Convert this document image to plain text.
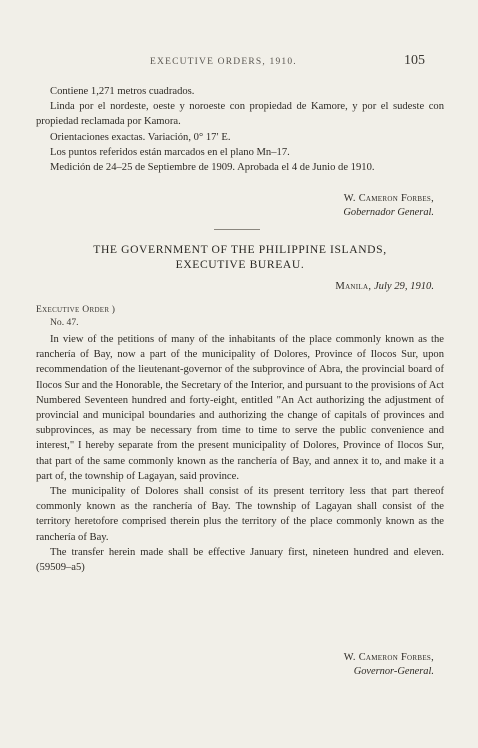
EXECUTIVE ORDERS, 1910.	105

Contiene 1,271 metros cuadrados.

Linda por el nordeste, oeste y noroeste con propiedad de Kamore, y por el sudeste con propiedad reclamada por Kamora.

Orientaciones exactas. Variación, 0° 17′ E.

Los puntos referidos están marcados en el plano Mn–17.

Medición de 24–25 de Septiembre de 1909. Aprobada el 4 de Junio de 1910.

W. Cameron Forbes,
Gobernador General.
THE GOVERNMENT OF THE PHILIPPINE ISLANDS,
EXECUTIVE BUREAU.
Manila, July 29, 1910.
Executive Order )
No. 47.

In view of the petitions of many of the inhabitants of the place commonly known as the ranchería of Bay, now a part of the municipality of Dolores, Province of Ilocos Sur, upon recommendation of the lieutenant-governor of the subprovince of Abra, the provincial board of Ilocos Sur and the Honorable, the Secretary of the Interior, and pursuant to the provisions of Act Numbered Seventeen hundred and forty-eight, entitled "An Act authorizing the adjustment of provincial and municipal boundaries and authorizing the change of capitals of provinces and subprovinces, as may be necessary from time to time to serve the public convenience and interest," I hereby separate from the present municipality of Dolores, Province of Ilocos Sur, that part of the same commonly known as the ranchería of Bay, and annex it to, and make it a part of, the township of Lagayan, said province.

The municipality of Dolores shall consist of its present territory less that part thereof commonly known as the ranchería of Bay. The township of Lagayan shall consist of the territory heretofore comprised therein plus the territory of the place commonly known as the ranchería of Bay.

The transfer herein made shall be effective January first, nineteen hundred and eleven. (59509–a5)

W. Cameron Forbes,
Governor-General.
